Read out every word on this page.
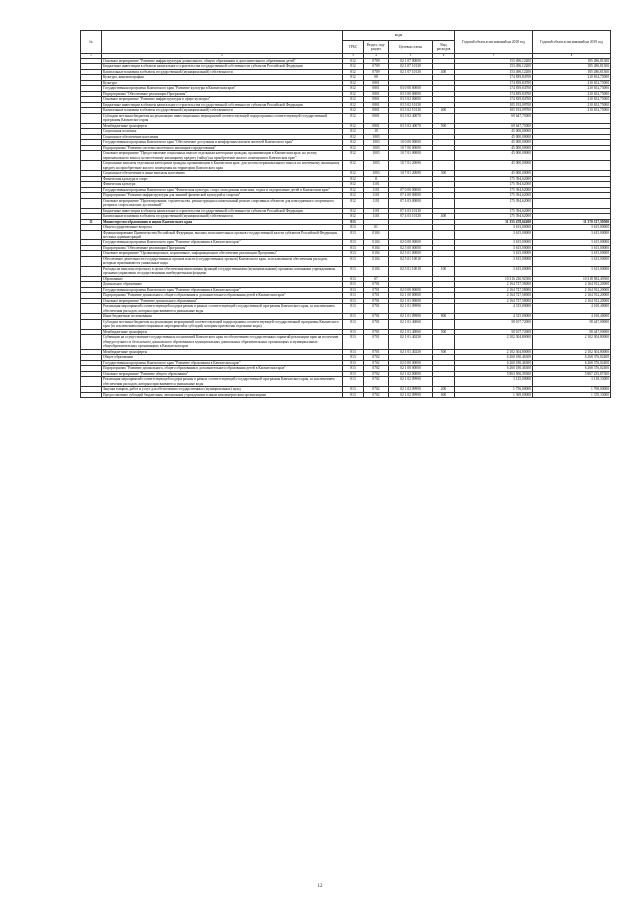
№		коды				Годовой объем ассигнований на 2018 год	Годовой объем ассигнований на 2019 год
		ГРБС	Раздел, под-раздел	Целевая статья	Вид расходов		
1	2	3	4	5	6	7	8
	Основное мероприятие "Развитие инфраструктуры дошкольного, общего образования и дополнительного образования детей"	812	0709	02 1 07 00000		153 496,12200	185 286,81300
	Бюджетные инвестиции в объекты капитального строительства государственной собственности субъектов Российской Федерации	812	0709	02 1 07 10130		153 496,12200	185 286,81300
	Капитальные вложения в объекты государственной (муниципальной) собственности	812	0709	02 1 07 10130	400	153 496,12200	185 286,81300
	Культура, кинематография	812	08			174 839,84700	210 652,75000
	Культура	812	0801			174 839,84700	210 652,75000
	Государственная программа Камчатского края "Развитие культуры в Камчатском крае"	812	0801	03 0 00 00000		174 839,84700	210 652,75000
	Подпрограмма "Обеспечение реализации Программы"	812	0801	03 5 00 00000		174 839,84700	210 652,75000
	Основное мероприятие "Развитие инфраструктуры в сфере культуры"	812	0801	03 5 02 00000		174 839,84700	210 652,75000
	Бюджетные инвестиции в объекты капитального строительства государственной собственности субъектов Российской Федерации	812	0801	03 5 02 10130		105 192,09700	210 652,75000
	Капитальные вложения в объекты государственной (муниципальной) собственности	812	0801	03 5 02 10130	400	105 192,09700	210 652,75000
	Субсидии местным бюджетам на реализацию инвестиционных мероприятий соответствующей подпрограммы соответствующей государственной программы Камчатского края	812	0801	03 5 02 40070		69 647,75000	
	Межбюджетные трансферты	812	0801	03 5 02 40070	500	69 647,75000	
	Социальная политика	812	10			45 000,00000	
	Социальное обеспечение населения	812	1003			45 000,00000	
	Государственная программа Камчатского края "Обеспечение доступным и комфортным жильем жителей Камчатского края"	812	1003	10 0 00 00000		45 000,00000	
	Подпрограмма "Развитие системы ипотечного жилищного кредитования"	812	1003	10 7 00 00000		45 000,00000	
	Основное мероприятие "Предоставление социальных выплат отдельным категориям граждан, проживающим в Камчатском крае, на уплату первоначального взноса по ипотечному жилищному кредиту (займу) на приобретение жилого помещения в Камчатском крае"	812	1003	10 7 01 00000		45 000,00000	
	Социальные выплаты отдельным категориям граждан, проживающим в Камчатском крае, для уплаты первоначального взноса по ипотечному жилищному кредиту на приобретение жилого помещения на территории Камчатского края	812	1003	10 7 01 20690		45 000,00000	
	Социальное обеспечение и иные выплаты населению	812	1003	10 7 01 20690	300	45 000,00000	
	Физическая культура и спорт	812	11			175 394,62000	
	Физическая культура	812	1101			175 394,62000	
	Государственная программа Камчатского края "Физическая культура, спорт, молодежная политика, отдых и оздоровление детей в Камчатском крае"	812	1101	07 0 00 00000		175 394,62000	
	Подпрограмма "Развитие инфраструктуры для занятий физической культурой и спортом"	812	1101	07 4 00 00000		175 394,62000	
	Основное мероприятие "Проектирование, строительство, реконструкция и капитальный ремонт спортивных объектов для повседневного спортивного резерва и спорта высших достижений"	812	1101	07 4 03 00000		175 394,62000	
	Бюджетные инвестиции в объекты капитального строительства государственной собственности субъектов Российской Федерации	812	1101	07 4 03 10130		175 394,62000	
	Капитальные вложения в объекты государственной (муниципальной) собственности	812	1101	07 4 03 10130	400	175 394,62000	
11	Министерство образования и науки Камчатского края	813				11 355 478,64200	11 370 517,59500
	Общегосударственные вопросы	813	01			3 615,00000	3 615,00000
	Функционирование Правительства Российской Федерации, высших исполнительных органов государственной власти субъектов Российской Федерации, местных администраций	813	0104			3 615,00000	3 615,00000
	Государственная программа Камчатского края "Развитие образования в Камчатском крае"	813	0104	02 0 00 00000		3 615,00000	3 615,00000
	Подпрограмма "Обеспечение реализации Программы"	813	0104	02 5 00 00000		3 615,00000	3 615,00000
	Основное мероприятие "Организационное, нормативное, информационное обеспечение реализации Программы"	813	0104	02 5 01 00000		3 615,00000	3 615,00000
	Обеспечение деятельности государственных органов власти (государственных органов) Камчатского края, за исключением обеспечения расходов, которым присваиваются уникальные коды	813	0104	02 5 01 10010		3 615,00000	3 615,00000
	Расходы на выплаты персоналу в целях обеспечения выполнения функций государственными (муниципальными) органами, казенными учреждениями, органами управления государственными внебюджетными фондами	813	0104	02 5 01 10010	100	3 615,00000	3 615,00000
	Образование	813	07			10 316 230,92500	10 318 582,49500
	Дошкольное образование	813	0701			2 164 727,58000	2 164 912,20000
	Государственная программа Камчатского края "Развитие образования в Камчатском крае"	813	0701	02 0 00 00000		2 164 727,58000	2 164 912,20000
	Подпрограмма "Развитие дошкольного, общего образования и дополнительного образования детей в Камчатском крае"	813	0701	02 1 00 00000		2 164 727,58000	2 164 912,20000
	Основное мероприятие "Развитие дошкольного образования"	813	0701	02 1 01 00000		2 164 727,58000	2 164 912,20000
	Реализация мероприятий соответствующей подпрограммы в рамках соответствующей государственной программы Камчатского края, за исключением обеспечения расходов, которым присваиваются уникальные коды	813	0701	02 1 01 09990		4 315,00000	4 160,40000
	Иные бюджетные ассигнования	813	0701	02 1 01 09990	800	4 315,00000	4 160,40000
	Субсидии местным бюджетам на реализацию мероприятий соответствующей подпрограммы соответствующей государственной программы Камчатского края (за исключением инвестиционных мероприятий и субсидий, которым присвоены отдельные коды)	813	0701	02 1 01 40060		58 107,72000	58 447,00000
	Межбюджетные трансферты	813	0701	02 1 01 40060	500	58 107,72000	58 447,00000
	Субвенции на осуществление государственных полномочий Камчатского края по обеспечению государственных гарантий реализации прав на получение общедоступного и бесплатного дошкольного образования в муниципальных дошкольных образовательных организациях и муниципальных общеобразовательных организациях в Камчатском крае	813	0701	02 1 01 40230		2 102 304,80000	2 102 304,80000
	Межбюджетные трансферты	813	0701	02 1 01 40230	500	2 102 304,80000	2 102 304,80000
	Общее образование	813	0702			6 260 180,46300	6 268 376,02400
	Государственная программа Камчатского края "Развитие образования в Камчатском крае"	813	0702	02 0 00 00000		6 260 180,46300	6 268 376,02400
	Подпрограмма "Развитие дошкольного, общего образования и дополнительного образования детей в Камчатском крае"	813	0702	02 1 00 00000		6 260 180,46300	6 268 376,02400
	Основное мероприятие "Развитие общего образования"	813	0702	02 1 02 00000		5 863 506,39300	5 867 235,87300
	Реализация мероприятий соответствующей подпрограммы в рамках соответствующей государственной программы Камчатского края, за исключением обеспечения расходов, которым присваиваются уникальные коды	813	0702	02 1 02 09990		3 125,00000	3 138,33000
	Закупка товаров, работ и услуг для обеспечения государственных (муниципальных) нужд	813	0702	02 1 02 09990	200	1 756,00000	1 768,00000
	Предоставление субсидий бюджетным, автономным учреждениям и иным некоммерческим организациям	813	0702	02 1 02 09990	600	1 369,00000	1 370,33000
12
